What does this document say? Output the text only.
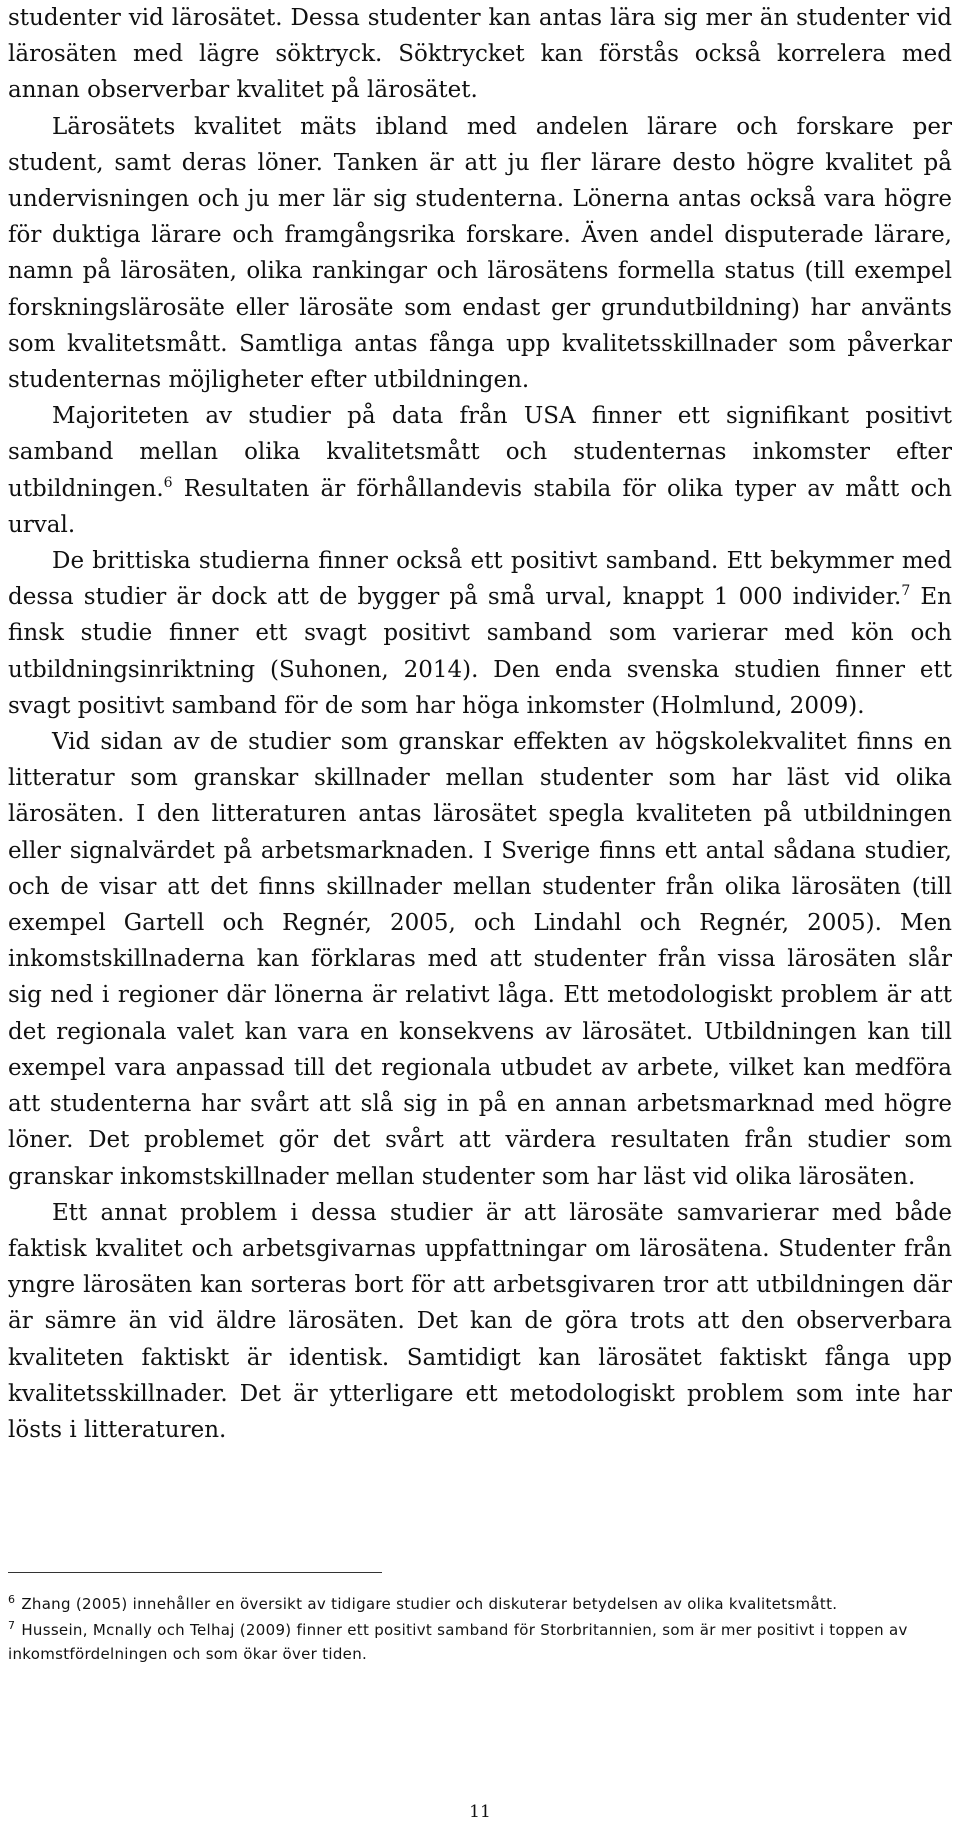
studenter vid lärosätet. Dessa studenter kan antas lära sig mer än studenter vid lärosäten med lägre söktryck. Söktrycket kan förstås också korrelera med annan observerbar kvalitet på lärosätet.

Lärosätets kvalitet mäts ibland med andelen lärare och forskare per student, samt deras löner. Tanken är att ju fler lärare desto högre kvalitet på undervisningen och ju mer lär sig studenterna. Lönerna antas också vara högre för duktiga lärare och framgångsrika forskare. Även andel disputerade lärare, namn på lärosäten, olika rankingar och lärosätens formella status (till exempel forskningslärosäte eller lärosäte som endast ger grundutbildning) har använts som kvalitetsmått. Samtliga antas fånga upp kvalitetsskillnader som påverkar studenternas möjligheter efter utbildningen.

Majoriteten av studier på data från USA finner ett signifikant positivt samband mellan olika kvalitetsmått och studenternas inkomster efter utbildningen.$^6$ Resultaten är förhållandevis stabila för olika typer av mått och urval.

De brittiska studierna finner också ett positivt samband. Ett bekymmer med dessa studier är dock att de bygger på små urval, knappt 1 000 individer.$^7$ En finsk studie finner ett svagt positivt samband som varierar med kön och utbildningsinriktning (Suhonen, 2014). Den enda svenska studien finner ett svagt positivt samband för de som har höga inkomster (Holmlund, 2009).

Vid sidan av de studier som granskar effekten av högskolekvalitet finns en litteratur som granskar skillnader mellan studenter som har läst vid olika lärosäten. I den litteraturen antas lärosätet spegla kvaliteten på utbildningen eller signalvärdet på arbetsmarknaden. I Sverige finns ett antal sådana studier, och de visar att det finns skillnader mellan studenter från olika lärosäten (till exempel Gartell och Regnér, 2005, och Lindahl och Regnér, 2005). Men inkomstskillnaderna kan förklaras med att studenter från vissa lärosäten slår sig ned i regioner där lönerna är relativt låga. Ett metodologiskt problem är att det regionala valet kan vara en konsekvens av lärosätet. Utbildningen kan till exempel vara anpassad till det regionala utbudet av arbete, vilket kan medföra att studenterna har svårt att slå sig in på en annan arbetsmarknad med högre löner. Det problemet gör det svårt att värdera resultaten från studier som granskar inkomstskillnader mellan studenter som har läst vid olika lärosäten.

Ett annat problem i dessa studier är att lärosäte samvarierar med både faktisk kvalitet och arbetsgivarnas uppfattningar om lärosätena. Studenter från yngre lärosäten kan sorteras bort för att arbetsgivaren tror att utbildningen där är sämre än vid äldre lärosäten. Det kan de göra trots att den observerbara kvaliteten faktiskt är identisk. Samtidigt kan lärosätet faktiskt fånga upp kvalitetsskillnader. Det är ytterligare ett metodologiskt problem som inte har lösts i litteraturen.

$^6$ Zhang (2005) innehåller en översikt av tidigare studier och diskuterar betydelsen av olika kvalitetsmått.

$^7$ Hussein, Mcnally och Telhaj (2009) finner ett positivt samband för Storbritannien, som är mer positivt i toppen av inkomstfördelningen och som ökar över tiden.

11
